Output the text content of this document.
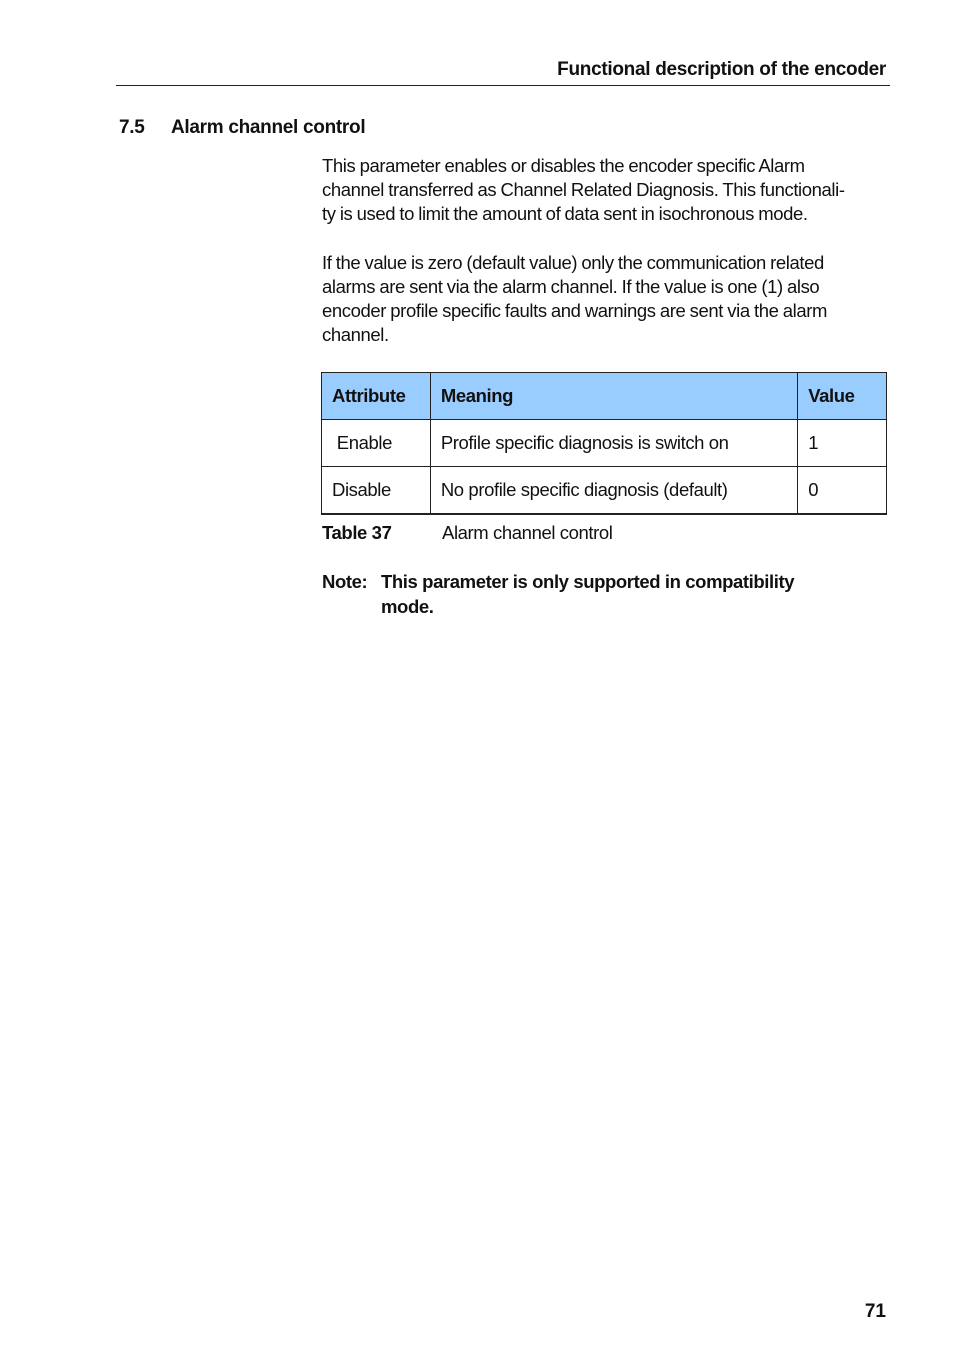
Functional description of the encoder
7.5 Alarm channel control
This parameter enables or disables the encoder specific Alarm
channel transferred as Channel Related Diagnosis. This functionali-
ty is used to limit the amount of data sent in isochronous mode.
If the value is zero (default value) only the communication related
alarms are sent via the alarm channel. If the value is one (1) also
encoder profile specific faults and warnings are sent via the alarm
channel.
Attribute	Meaning	Value
Enable	Profile specific diagnosis is switch on	1
Disable	No profile specific diagnosis (default)	0
Table 37	Alarm channel control
Note: This parameter is only supported in compatibility
mode.
71
